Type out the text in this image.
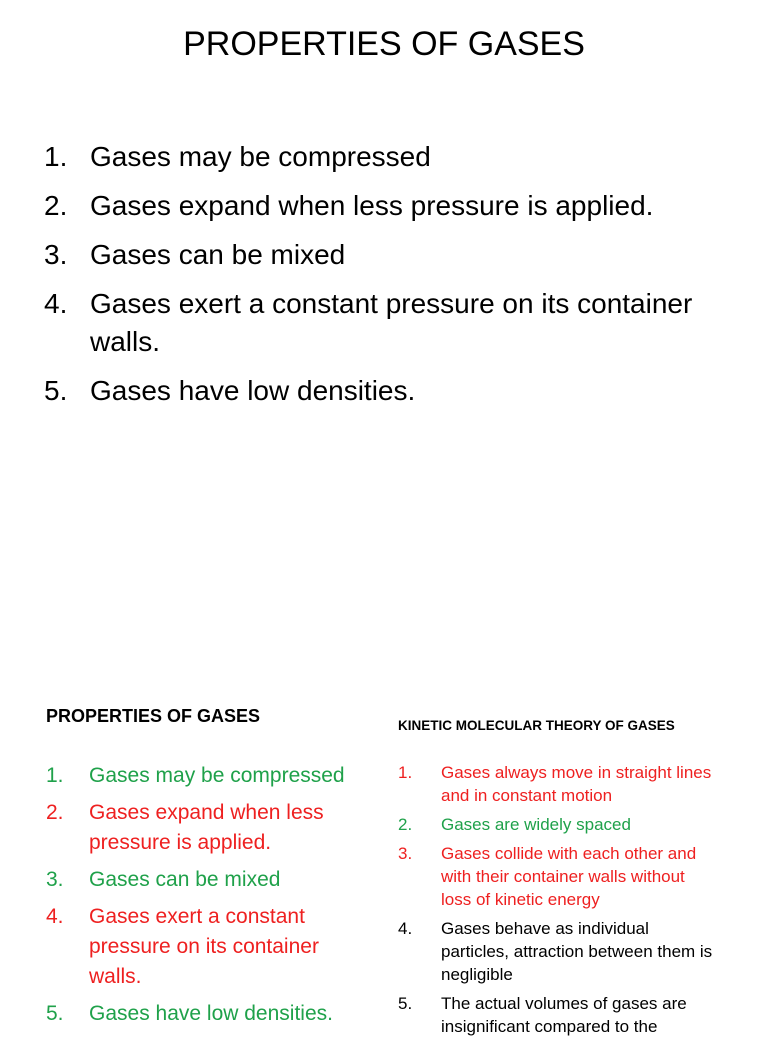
PROPERTIES OF GASES
1. Gases may be compressed
2. Gases expand when less pressure is applied.
3. Gases can be mixed
4. Gases exert a constant pressure on its container walls.
5. Gases have low densities.
PROPERTIES OF GASES
1. Gases may be compressed
2. Gases expand when less pressure is applied.
3. Gases can be mixed
4. Gases exert a constant pressure on its container walls.
5. Gases have low densities.
KINETIC MOLECULAR THEORY OF GASES
1. Gases always move in straight lines and in constant motion
2. Gases are widely spaced
3. Gases collide with each other and with their container walls without loss of kinetic energy
4. Gases behave as individual particles, attraction between them is negligible
5. The actual volumes of gases are insignificant compared to the
